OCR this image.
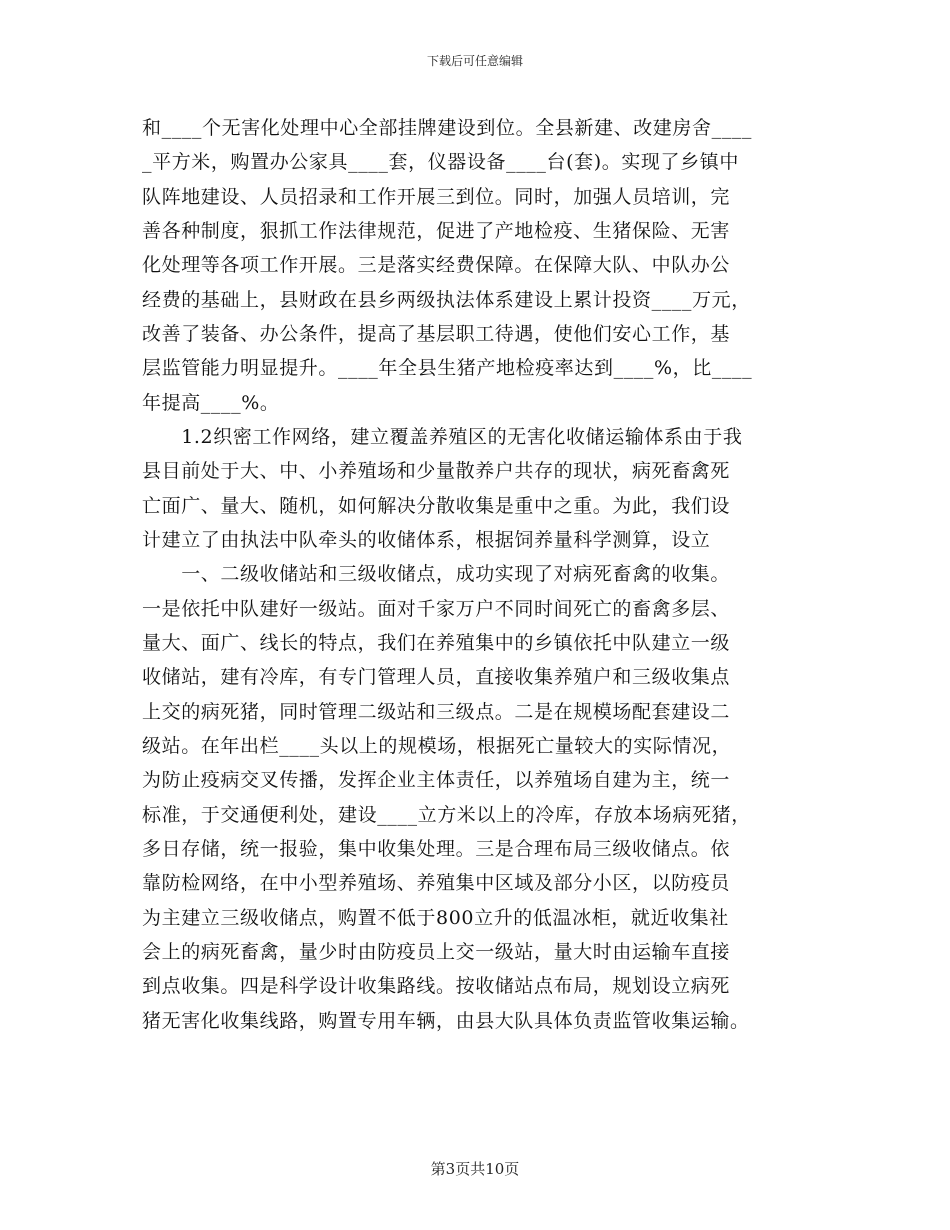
下载后可任意编辑
和____个无害化处理中心全部挂牌建设到位。全县新建、改建房舍____
_平方米，购置办公家具____套，仪器设备____台(套)。实现了乡镇中
队阵地建设、人员招录和工作开展三到位。同时，加强人员培训，完
善各种制度，狠抓工作法律规范，促进了产地检疫、生猪保险、无害
化处理等各项工作开展。三是落实经费保障。在保障大队、中队办公
经费的基础上，县财政在县乡两级执法体系建设上累计投资____万元，
改善了装备、办公条件，提高了基层职工待遇，使他们安心工作，基
层监管能力明显提升。____年全县生猪产地检疫率达到____%，比____
年提高____%。
　　1.2织密工作网络，建立覆盖养殖区的无害化收储运输体系由于我
县目前处于大、中、小养殖场和少量散养户共存的现状，病死畜禽死
亡面广、量大、随机，如何解决分散收集是重中之重。为此，我们设
计建立了由执法中队牵头的收储体系，根据饲养量科学测算，设立
　　一、二级收储站和三级收储点，成功实现了对病死畜禽的收集。
一是依托中队建好一级站。面对千家万户不同时间死亡的畜禽多层、
量大、面广、线长的特点，我们在养殖集中的乡镇依托中队建立一级
收储站，建有冷库，有专门管理人员，直接收集养殖户和三级收集点
上交的病死猪，同时管理二级站和三级点。二是在规模场配套建设二
级站。在年出栏____头以上的规模场，根据死亡量较大的实际情况，
为防止疫病交叉传播，发挥企业主体责任，以养殖场自建为主，统一
标准，于交通便利处，建设____立方米以上的冷库，存放本场病死猪，
多日存储，统一报验，集中收集处理。三是合理布局三级收储点。依
靠防检网络，在中小型养殖场、养殖集中区域及部分小区，以防疫员
为主建立三级收储点，购置不低于800立升的低温冰柜，就近收集社
会上的病死畜禽，量少时由防疫员上交一级站，量大时由运输车直接
到点收集。四是科学设计收集路线。按收储站点布局，规划设立病死
猪无害化收集线路，购置专用车辆，由县大队具体负责监管收集运输。
第3页共10页
